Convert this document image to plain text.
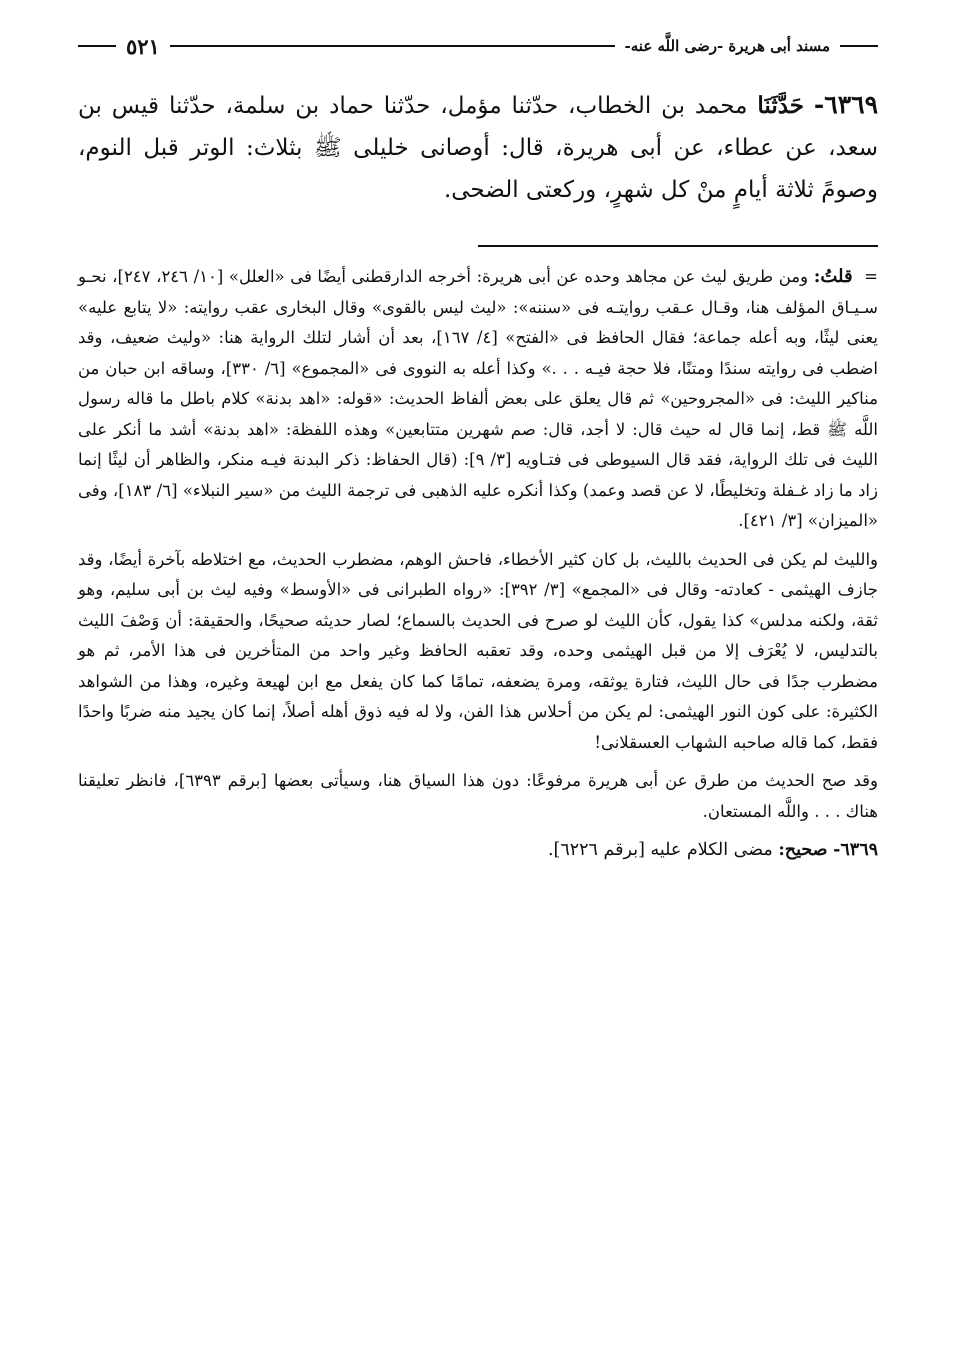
مسند أبى هريرة -رضى اللَّه عنه-
٥٢١

٦٣٦٩- حَدَّثَنَا محمد بن الخطاب، حدّثنا مؤمل، حدّثنا حماد بن سلمة، حدّثنا قيس بن سعد، عن عطاء، عن أبى هريرة، قال: أوصانى خليلى ﷺ بثلاث: الوتر قبل النوم، وصومً ثلاثة أيامٍ منْ كل شهرٍ، وركعتى الضحى.

= قلتُ: ومن طريق ليث عن مجاهد وحده عن أبى هريرة: أخرجه الدارقطنى أيضًا فى «العلل» [١٠/ ٢٤٦، ٢٤٧]، نحـو سـيـاق المؤلف هنا، وقـال عـقب روايتـه فى «سننه»: «ليث ليس بالقوى» وقال البخارى عقب روايته: «لا يتابع عليه» يعنى ليثًا، وبه أعله جماعة؛ فقال الحافظ فى «الفتح» [٤/ ١٦٧]، بعد أن أشار لتلك الرواية هنا: «وليث ضعيف، وقد اضطب فى روايته سندًا ومتنًا، فلا حجة فيـه . . .» وكذا أعله به النووى فى «المجموع» [٦/ ٣٣٠]، وساقه ابن حبان من مناكير الليث: فى «المجروحين» ثم قال يعلق على بعض ألفاظ الحديث: «قوله: «اهد بدنة» كلام باطل ما قاله رسول اللَّه ﷺ قط، إنما قال له حيث قال: لا أجد، قال: صم شهرين متتابعين» وهذه اللفظة: «اهد بدنة» أشد ما أنكر على الليث فى تلك الرواية، فقد قال السيوطى فى فتـاويه [٣/ ٩]: (قال الحفاظ: ذكر البدنة فيـه منكر، والظاهر أن ليثًا إنما زاد ما زاد غـفلة وتخليطًا، لا عن قصد وعمد) وكذا أنكره عليه الذهبى فى ترجمة الليث من «سير النبلاء» [٦/ ١٨٣]، وفى «الميزان» [٣/ ٤٢١].

والليث لم يكن فى الحديث بالليث، بل كان كثير الأخطاء، فاحش الوهم، مضطرب الحديث، مع اختلاطه بآخرة أيضًا، وقد جازف الهيثمى - كعادته- وقال فى «المجمع» [٣/ ٣٩٢]: «رواه الطبرانى فى «الأوسط» وفيه ليث بن أبى سليم، وهو ثقة، ولكنه مدلس» كذا يقول، كأن الليث لو صرح فى الحديث بالسماع؛ لصار حديثه صحيحًا، والحقيقة: أن وَصْفَ الليث بالتدليس، لا يُعْرَف إلا من قبل الهيثمى وحده، وقد تعقبه الحافظ وغير واحد من المتأخرين فى هذا الأمر، ثم هو مضطرب جدًا فى حال الليث، فتارة يوثقه، ومرة يضعفه، تمامًا كما كان يفعل مع ابن لهيعة وغيره، وهذا من الشواهد الكثيرة: على كون النور الهيثمى: لم يكن من أحلاس هذا الفن، ولا له فيه ذوق أهله أصلاً، إنما كان يجيد منه ضربًا واحدًا فقط، كما قاله صاحبه الشهاب العسقلانى!

وقد صح الحديث من طرق عن أبى هريرة مرفوعًا: دون هذا السياق هنا، وسيأتى بعضها [برقم ٦٣٩٣]، فانظر تعليقنا هناك . . . واللَّه المستعان.

٦٣٦٩- صحيح: مضى الكلام عليه [برقم ٦٢٢٦].
